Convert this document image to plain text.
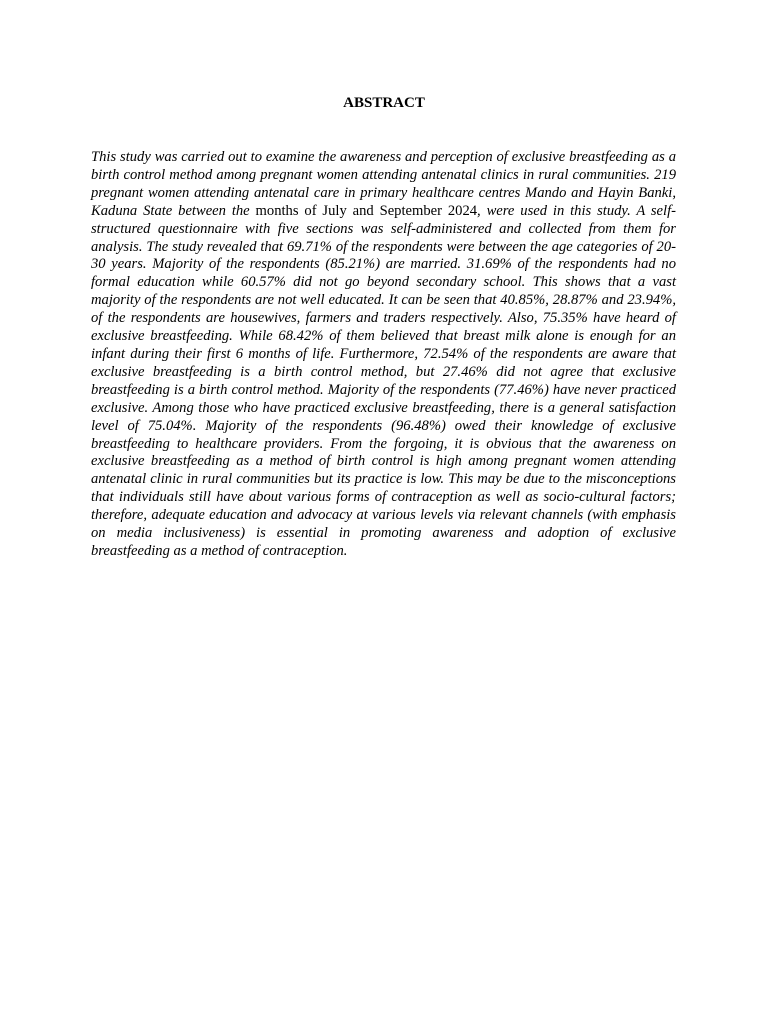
ABSTRACT

This study was carried out to examine the awareness and perception of exclusive breastfeeding as a birth control method among pregnant women attending antenatal clinics in rural communities. 219 pregnant women attending antenatal care in primary healthcare centres Mando and Hayin Banki, Kaduna State between the months of July and September 2024, were used in this study. A self-structured questionnaire with five sections was self-administered and collected from them for analysis. The study revealed that 69.71% of the respondents were between the age categories of 20-30 years. Majority of the respondents (85.21%) are married. 31.69% of the respondents had no formal education while 60.57% did not go beyond secondary school. This shows that a vast majority of the respondents are not well educated. It can be seen that 40.85%, 28.87% and 23.94%, of the respondents are housewives, farmers and traders respectively. Also, 75.35% have heard of exclusive breastfeeding. While 68.42% of them believed that breast milk alone is enough for an infant during their first 6 months of life. Furthermore, 72.54% of the respondents are aware that exclusive breastfeeding is a birth control method, but 27.46% did not agree that exclusive breastfeeding is a birth control method. Majority of the respondents (77.46%) have never practiced exclusive. Among those who have practiced exclusive breastfeeding, there is a general satisfaction level of 75.04%. Majority of the respondents (96.48%) owed their knowledge of exclusive breastfeeding to healthcare providers. From the forgoing, it is obvious that the awareness on exclusive breastfeeding as a method of birth control is high among pregnant women attending antenatal clinic in rural communities but its practice is low. This may be due to the misconceptions that individuals still have about various forms of contraception as well as socio-cultural factors; therefore, adequate education and advocacy at various levels via relevant channels (with emphasis on media inclusiveness) is essential in promoting awareness and adoption of exclusive breastfeeding as a method of contraception.
